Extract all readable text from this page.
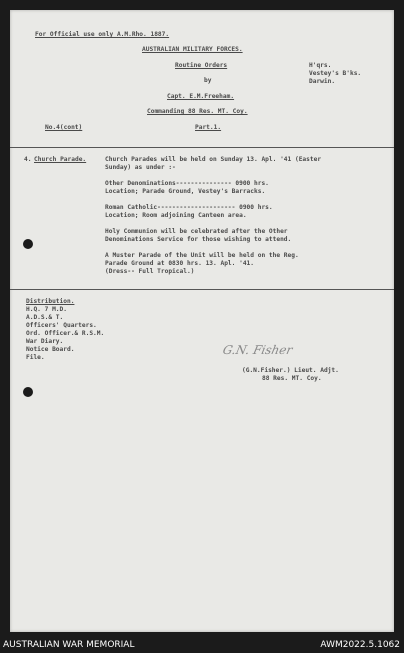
For Official use only A.M.Rho. 1887.
AUSTRALIAN MILITARY FORCES.
Routine Orders
by
Capt. E.M.Freeham.
Commanding 88 Res. MT. Coy.
H'qrs.
Vestey's B'ks.
Darwin.
No.4(cont)	Part.1.
4. Church Parade.	Church Parades will be held on Sunday 13. Apl. '41 (Easter
Sunday) as under :-
Other Denominations--------------- 0900 hrs.
Location; Parade Ground, Vestey's Barracks.
Roman Catholic--------------------- 0900 hrs.
Location; Room adjoining Canteen area.
Holy Communion will be celebrated after the Other
Denominations Service for those wishing to attend.
A Muster Parade of the Unit will be held on the Reg.
Parade Ground at 0830 hrs. 13. Apl. '41.
(Dress-- Full Tropical.)
Distribution.
H.Q. 7 M.D.
A.D.S.& T.
Officers' Quarters.
Ord. Officer.& R.S.M.
War Diary.
Notice Board.
File.
G.N. Fisher
(G.N.Fisher.) Lieut. Adjt.
88 Res. MT. Coy.
AUSTRALIAN WAR MEMORIAL	AWM2022.5.1062
